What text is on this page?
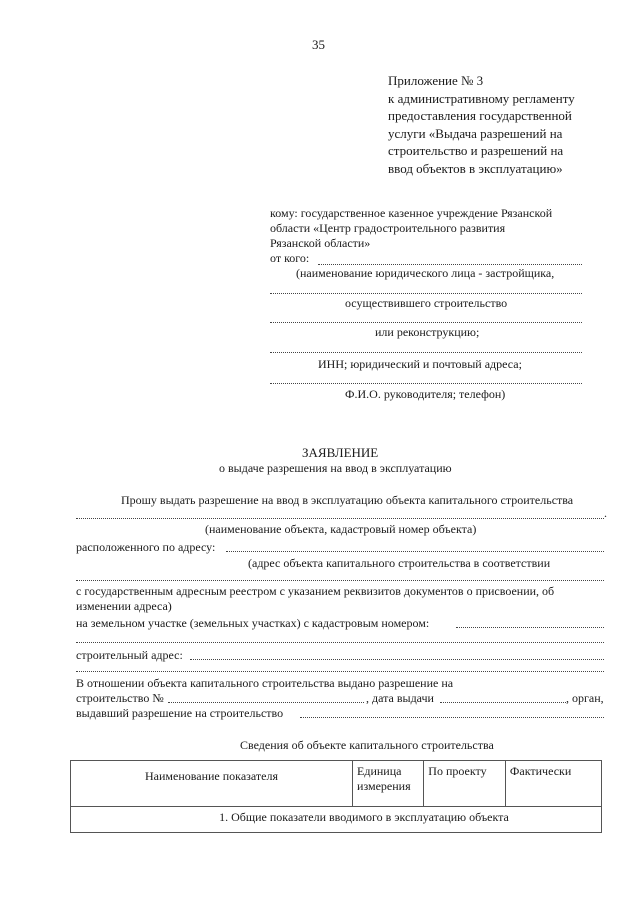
35
Приложение № 3
к административному регламенту
предоставления государственной
услуги «Выдача разрешений на
строительство и разрешений на
ввод объектов в эксплуатацию»
кому: государственное казенное учреждение Рязанской
области «Центр градостроительного развития
Рязанской области»
от кого:
(наименование юридического лица - застройщика,
осуществившего строительство
или реконструкцию;
ИНН; юридический и почтовый адреса;
Ф.И.О. руководителя; телефон)
ЗАЯВЛЕНИЕ
о выдаче разрешения на ввод в эксплуатацию
Прошу выдать разрешение на ввод в эксплуатацию объекта капитального строительства
.
(наименование объекта, кадастровый номер объекта)
расположенного по адресу:
(адрес объекта капитального строительства в соответствии
с государственным адресным реестром с указанием реквизитов документов о присвоении, об
изменении адреса)
на земельном участке (земельных участках) с кадастровым номером:
строительный адрес:
В отношении объекта капитального строительства выдано разрешение на
строительство №	, дата выдачи	, орган,
выдавший разрешение на строительство
Сведения об объекте капитального строительства
Наименование показателя	Единица измерения	По проекту	Фактически
1. Общие показатели вводимого в эксплуатацию объекта
